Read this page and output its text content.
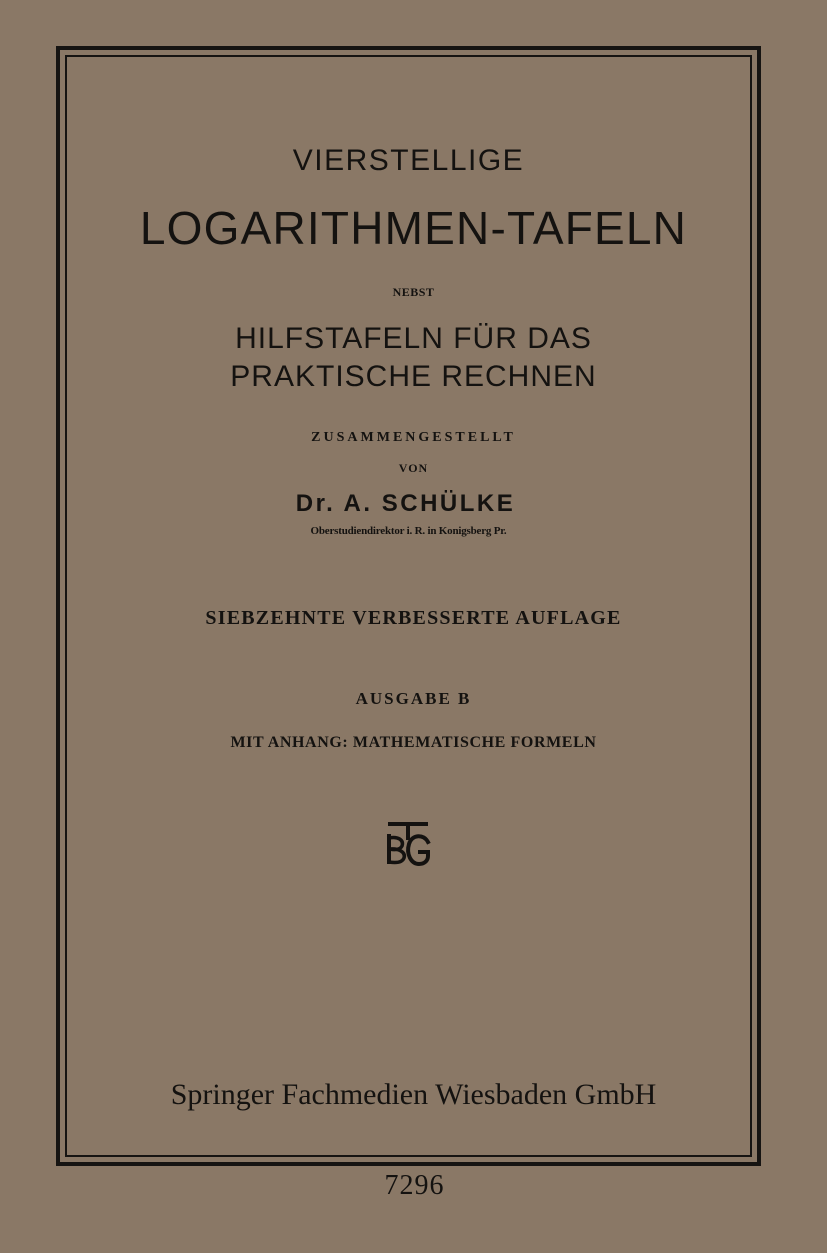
VIERSTELLIGE
LOGARITHMEN-TAFELN
NEBST
HILFSTAFELN FÜR DAS
PRAKTISCHE RECHNEN
ZUSAMMENGESTELLT
VON
Dr. A. SCHÜLKE
Oberstudiendirektor i. R. in Konigsberg Pr.
SIEBZEHNTE VERBESSERTE AUFLAGE
AUSGABE B
MIT ANHANG: MATHEMATISCHE FORMELN
Springer Fachmedien Wiesbaden GmbH
7296
